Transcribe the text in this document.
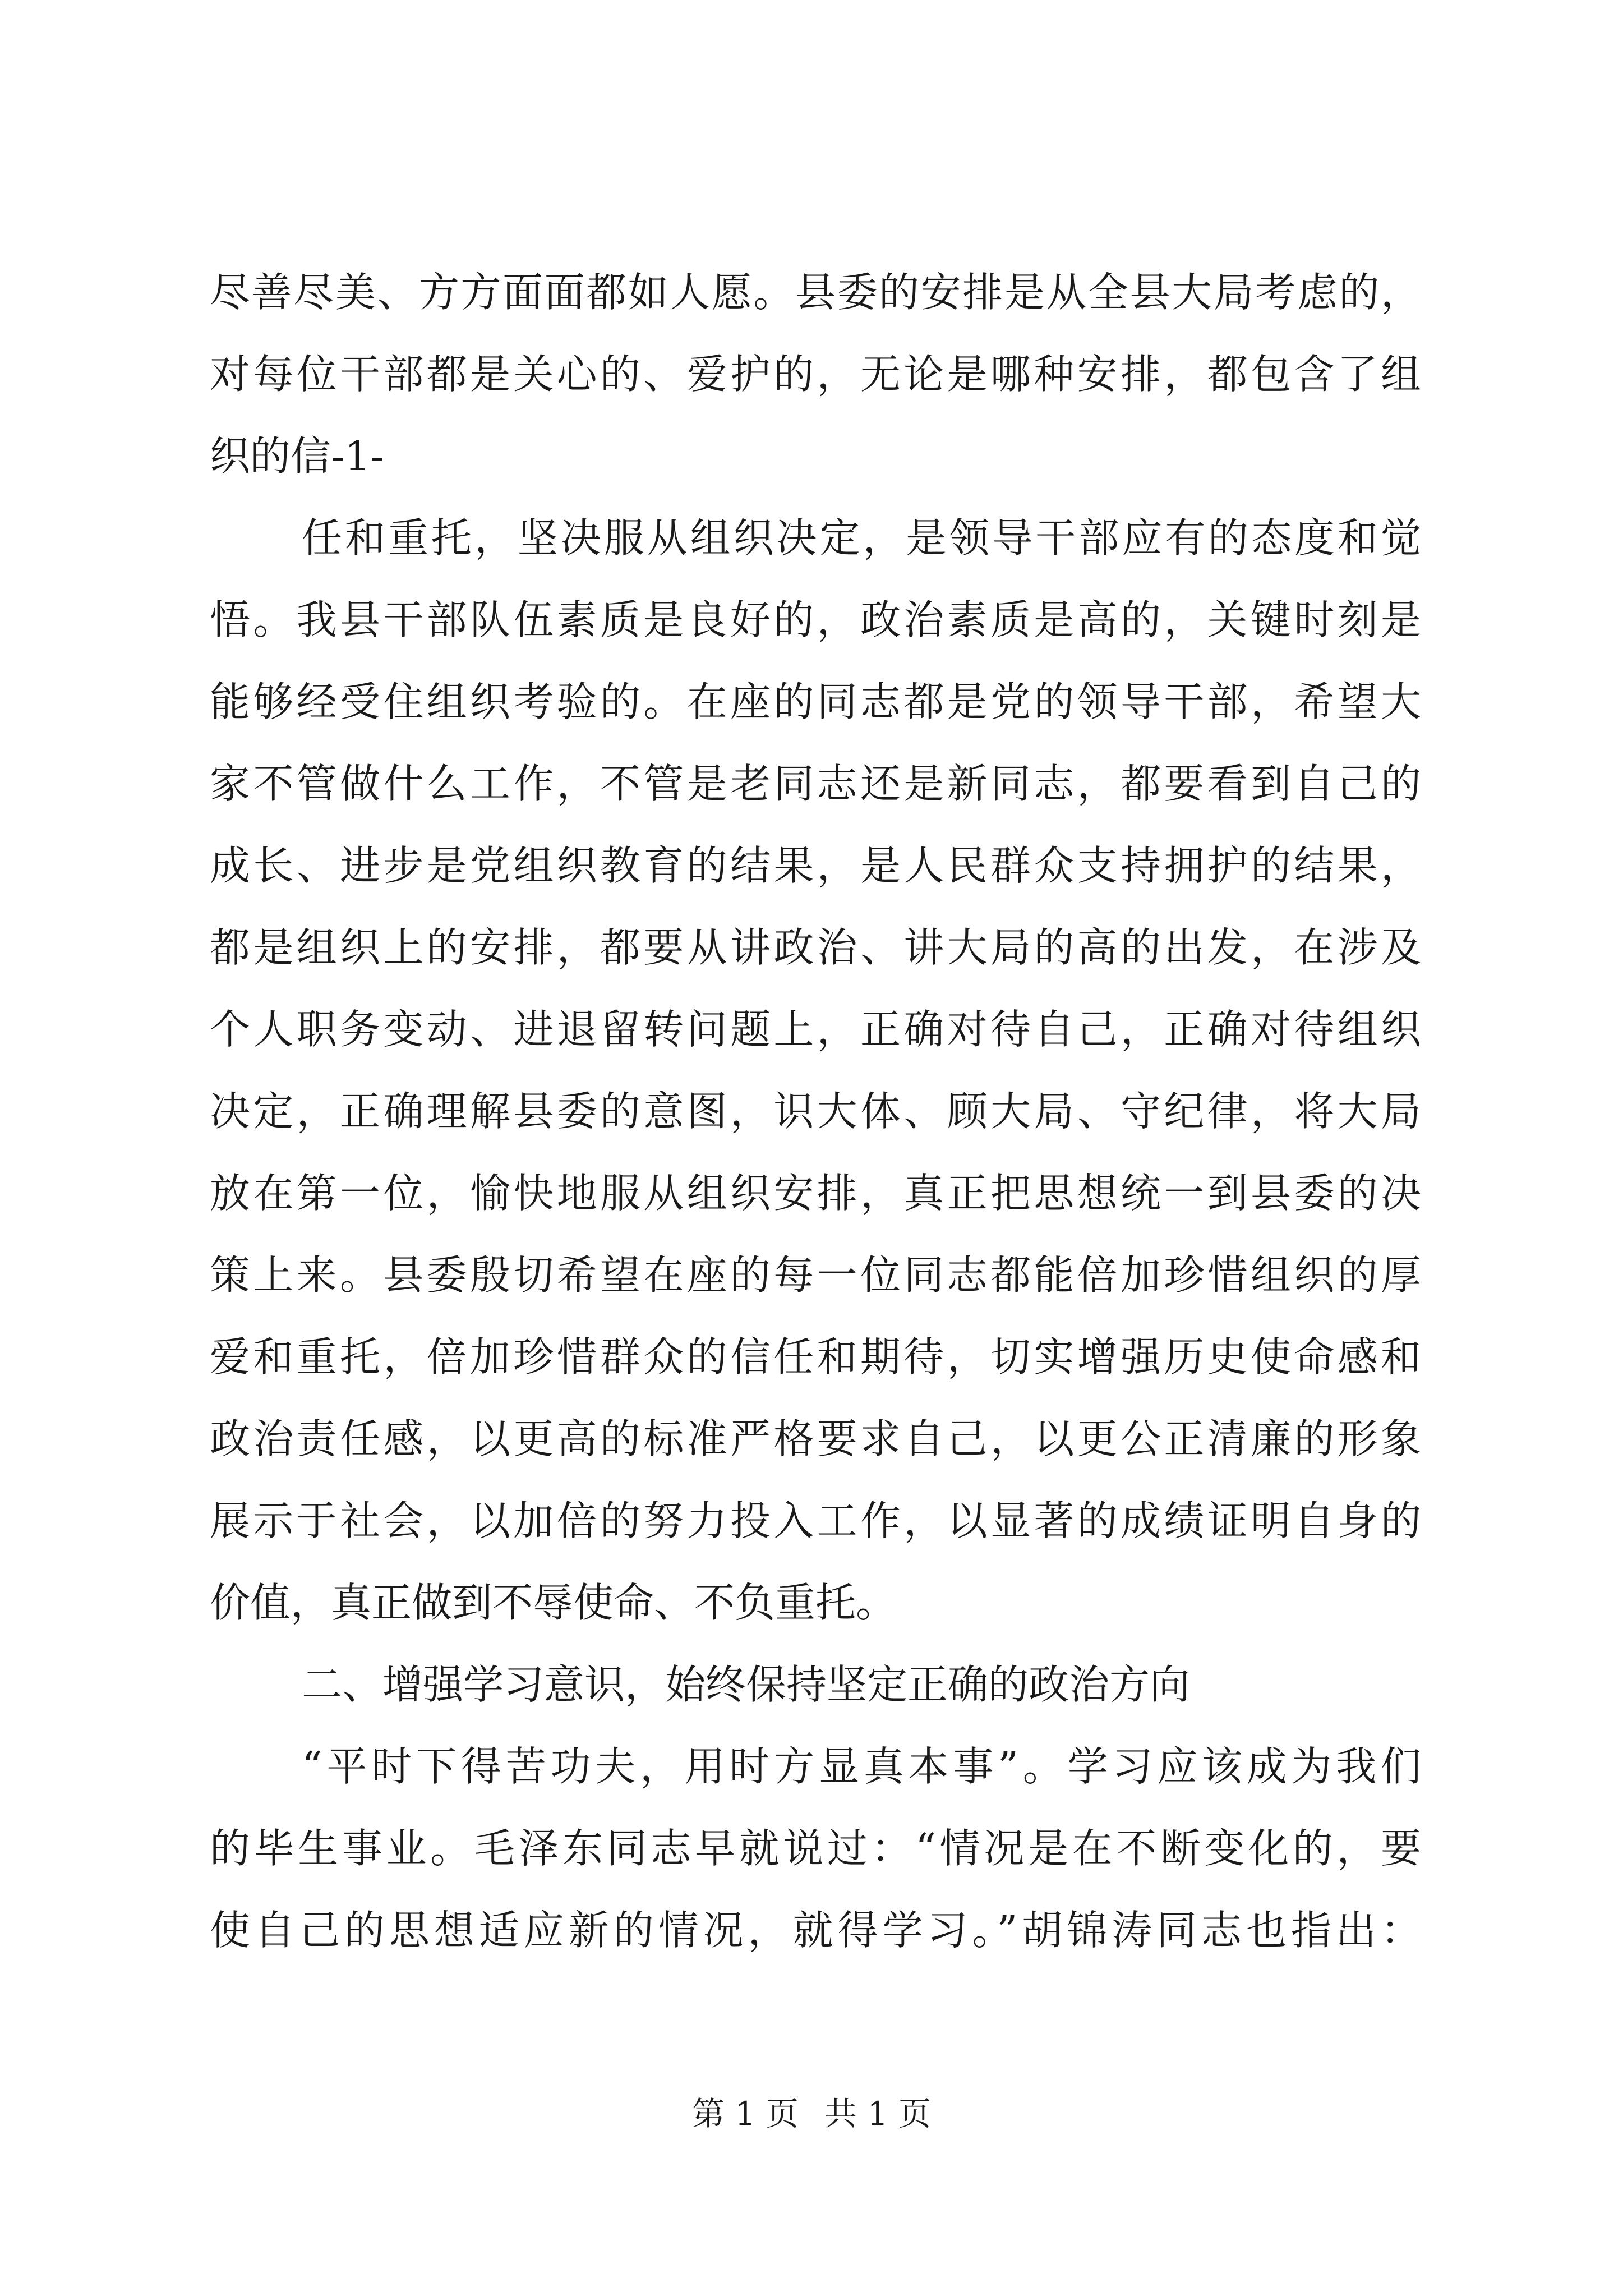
尽善尽美、方方面面都如人愿。县委的安排是从全县大局考虑的，
对每位干部都是关心的、爱护的，无论是哪种安排，都包含了组
织的信-1-
任和重托，坚决服从组织决定，是领导干部应有的态度和觉
悟。我县干部队伍素质是良好的，政治素质是高的，关键时刻是
能够经受住组织考验的。在座的同志都是党的领导干部，希望大
家不管做什么工作，不管是老同志还是新同志，都要看到自己的
成长、进步是党组织教育的结果，是人民群众支持拥护的结果，
都是组织上的安排，都要从讲政治、讲大局的高的出发，在涉及
个人职务变动、进退留转问题上，正确对待自己，正确对待组织
决定，正确理解县委的意图，识大体、顾大局、守纪律，将大局
放在第一位，愉快地服从组织安排，真正把思想统一到县委的决
策上来。县委殷切希望在座的每一位同志都能倍加珍惜组织的厚
爱和重托，倍加珍惜群众的信任和期待，切实增强历史使命感和
政治责任感，以更高的标准严格要求自己，以更公正清廉的形象
展示于社会，以加倍的努力投入工作，以显著的成绩证明自身的
价值，真正做到不辱使命、不负重托。
二、增强学习意识，始终保持坚定正确的政治方向
“平时下得苦功夫，用时方显真本事”。学习应该成为我们
的毕生事业。毛泽东同志早就说过：“情况是在不断变化的，要
使自己的思想适应新的情况，就得学习。”胡锦涛同志也指出：
第 1 页 共 1 页
